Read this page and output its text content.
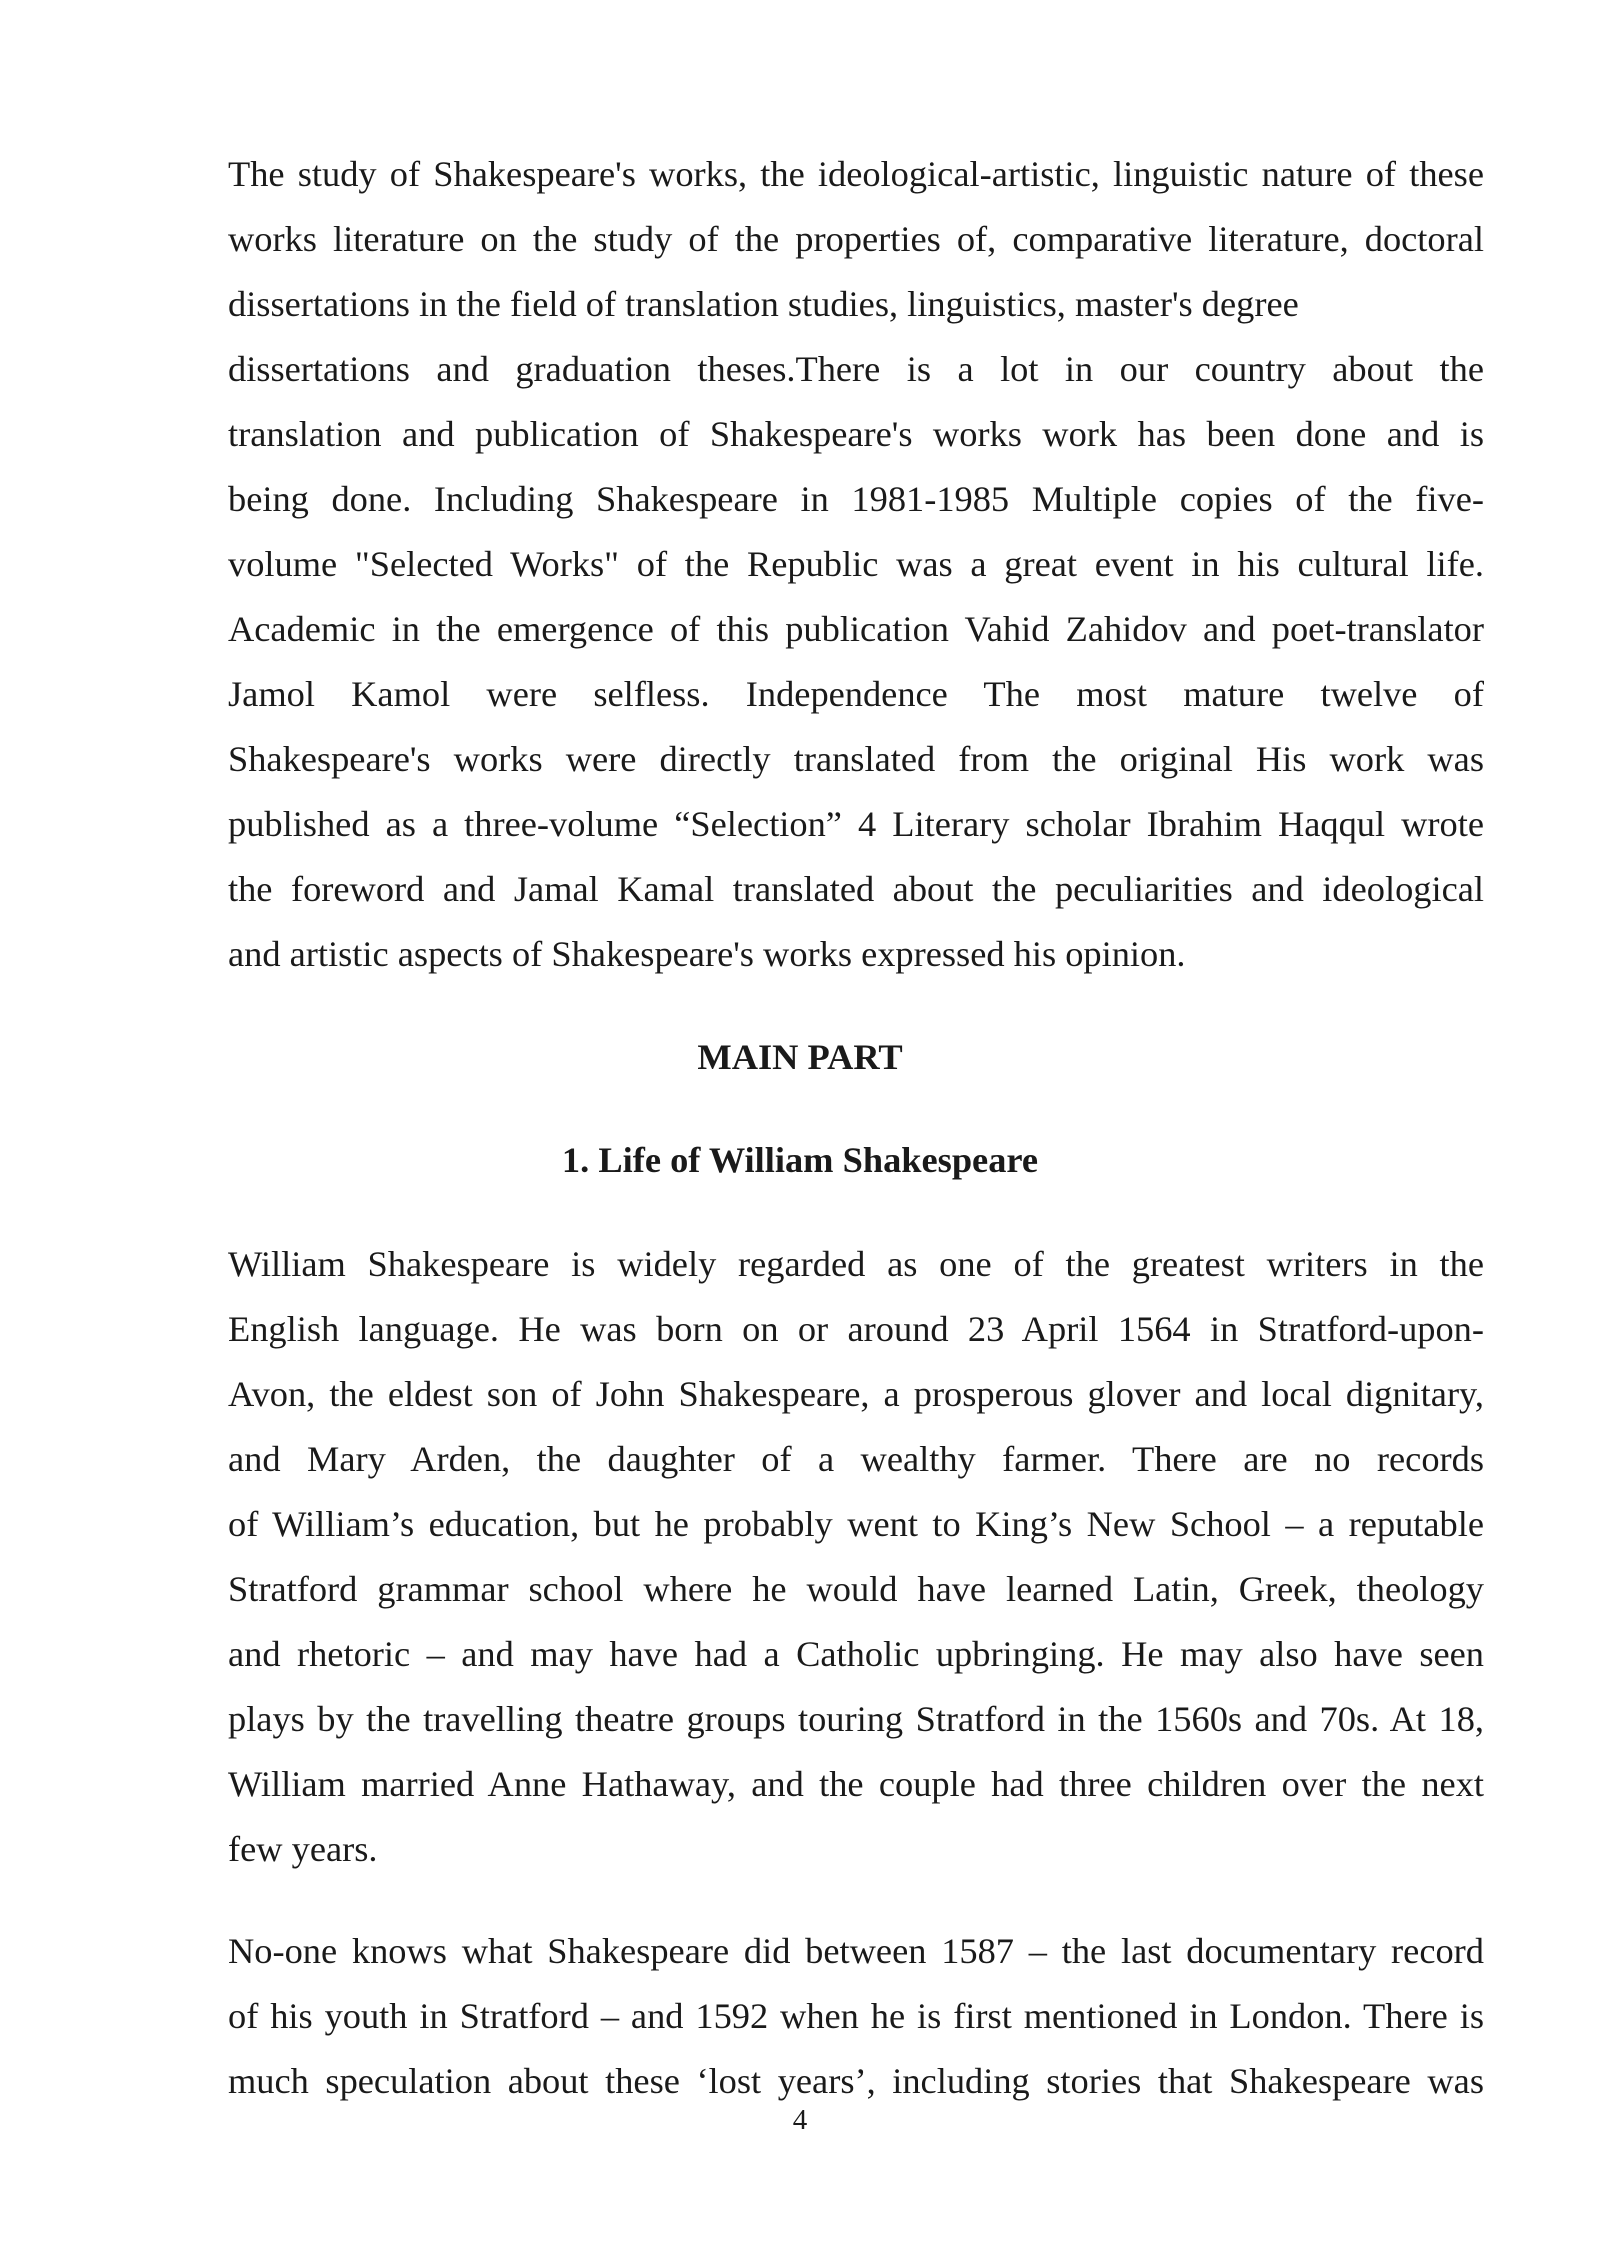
The study of Shakespeare's works, the ideological-artistic, linguistic nature of these
works literature on the study of the properties of, comparative literature, doctoral
dissertations in the field of translation studies, linguistics, master's degree
dissertations and graduation theses.There is a lot in our country about the
translation and publication of Shakespeare's works work has been done and is
being done. Including Shakespeare in 1981-1985 Multiple copies of the five-
volume "Selected Works" of the Republic was a great event in his cultural life.
Academic in the emergence of this publication Vahid Zahidov and poet-translator
Jamol Kamol were selfless. Independence The most mature twelve of
Shakespeare's works were directly translated from the original His work was
published as a three-volume “Selection” 4 Literary scholar Ibrahim Haqqul wrote
the foreword and Jamal Kamal translated about the peculiarities and ideological
and artistic aspects of Shakespeare's works expressed his opinion.
MAIN PART
1. Life of William Shakespeare
William Shakespeare is widely regarded as one of the greatest writers in the
English language. He was born on or around 23 April 1564 in Stratford-upon-
Avon, the eldest son of John Shakespeare, a prosperous glover and local dignitary,
and Mary Arden, the daughter of a wealthy farmer. There are no records
of William’s education, but he probably went to King’s New School – a reputable
Stratford grammar school where he would have learned Latin, Greek, theology
and rhetoric – and may have had a Catholic upbringing. He may also have seen
plays by the travelling theatre groups touring Stratford in the 1560s and 70s. At 18,
William married Anne Hathaway, and the couple had three children over the next
few years.
No-one knows what Shakespeare did between 1587 – the last documentary record
of his youth in Stratford – and 1592 when he is first mentioned in London. There is
much speculation about these ‘lost years’, including stories that Shakespeare was
4
